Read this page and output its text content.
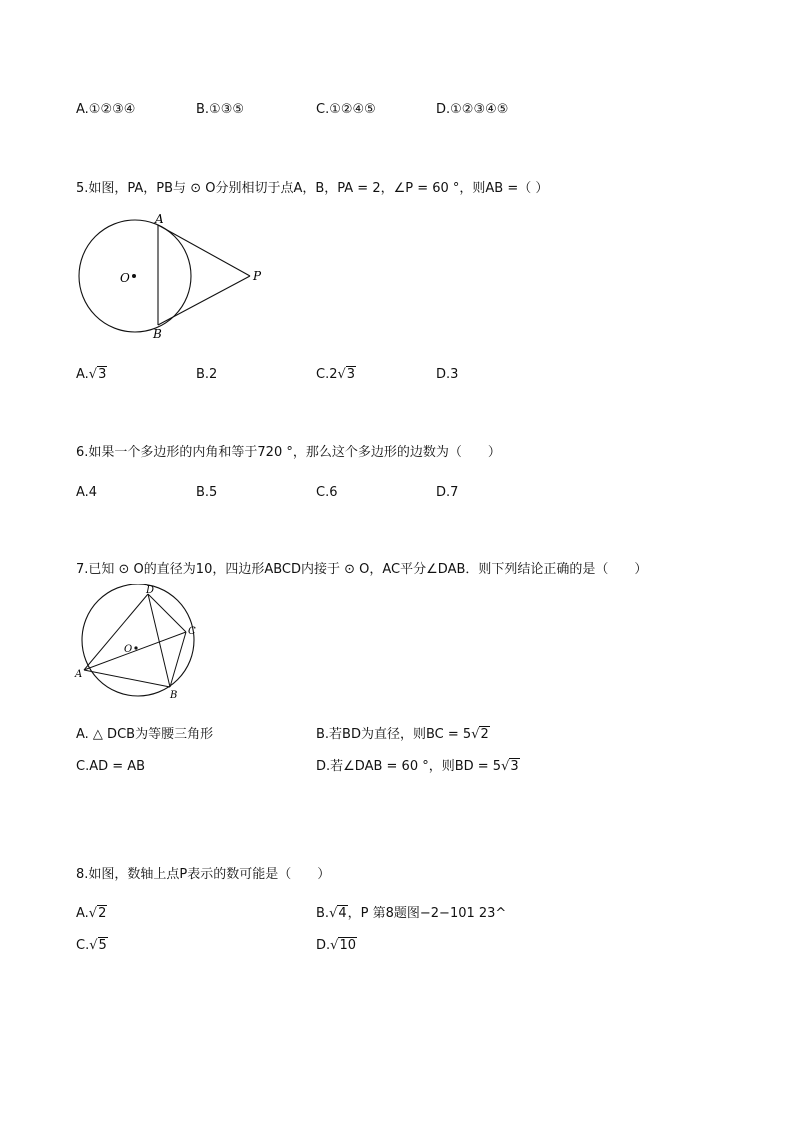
A.①②③④	B.①③⑤	C.①②④⑤	D.①②③④⑤
5.如图，PA，PB与 ⊙ O分别相切于点A，B，PA = 2，∠P = 60 °，则AB =（ ）
A
B
O	P
A.√3	B.2	C.2√3	D.3
6.如果一个多边形的内角和等于720 °，那么这个多边形的边数为（　　）
A.4	B.5	C.6	D.7
7.已知 ⊙ O的直径为10，四边形ABCD内接于 ⊙ O，AC平分∠DAB．则下列结论正确的是（　　）
D
C
B
A
O
A. △ DCB为等腰三角形	B.若BD为直径，则BC = 5√2
C.AD = AB	D.若∠DAB = 60 °，则BD = 5√3
8.如图，数轴上点P表示的数可能是（　　）
A.√2	B.√4，P 第8题图−2−101 23^
C.√5	D.√10
